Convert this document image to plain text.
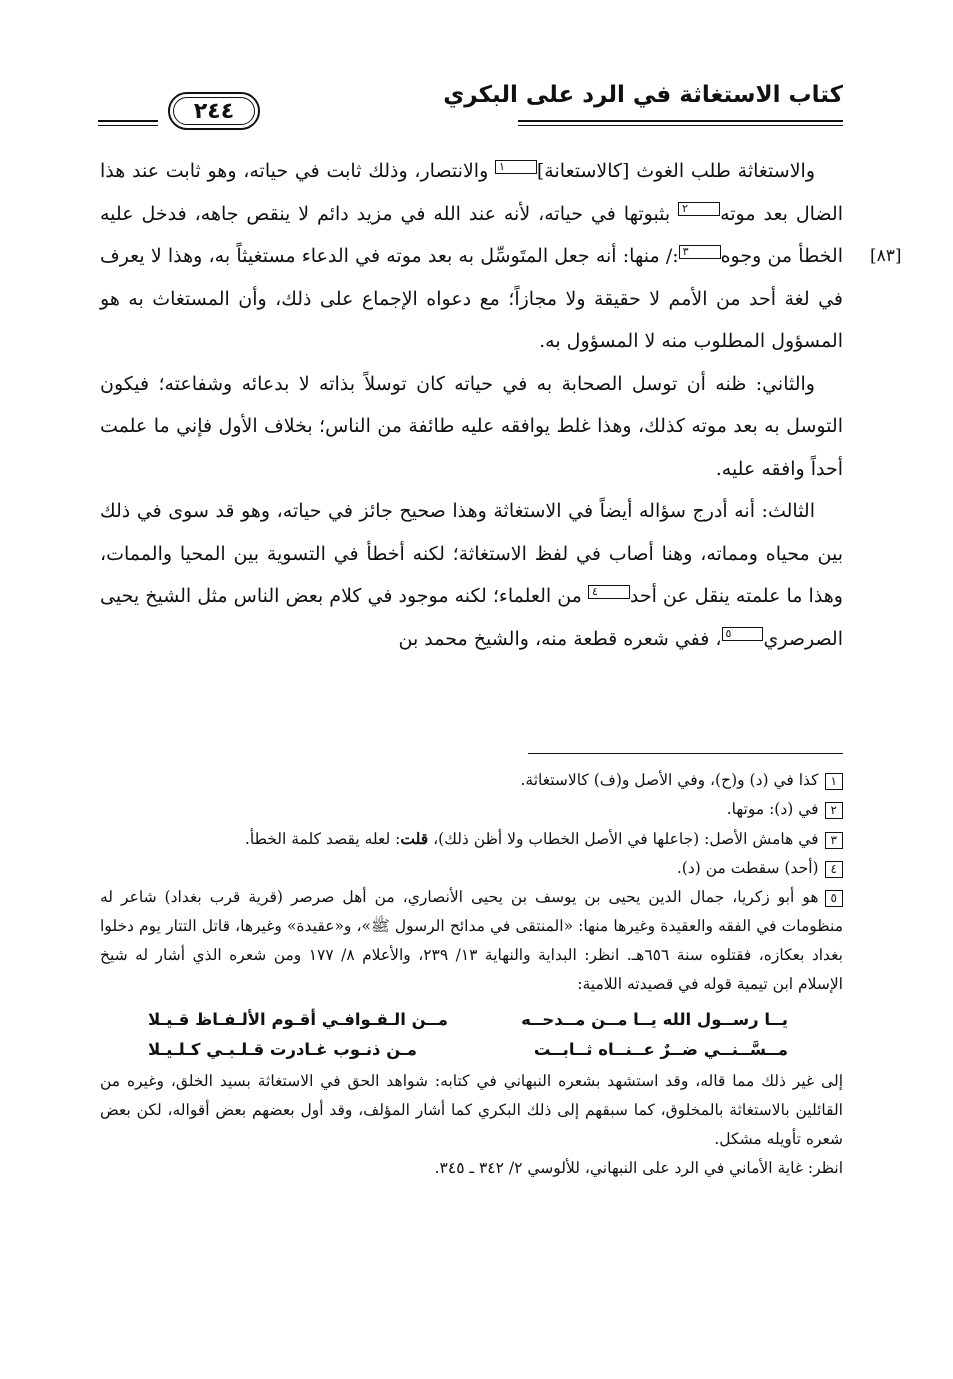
كتاب الاستغاثة في الرد على البكري
٢٤٤
[٨٣]

والاستغاثة طلب الغوث [كالاستعانة]١ والانتصار، وذلك ثابت في حياته، وهو ثابت عند هذا الضال بعد موته٢ بثبوتها في حياته، لأنه عند الله في مزيد دائم لا ينقص جاهه، فدخل عليه الخطأ من وجوه٣:/ منها: أنه جعل المتَوسِّل به بعد موته في الدعاء مستغيثاً به، وهذا لا يعرف في لغة أحد من الأمم لا حقيقة ولا مجازاً؛ مع دعواه الإجماع على ذلك، وأن المستغاث به هو المسؤول المطلوب منه لا المسؤول به.

والثاني: ظنه أن توسل الصحابة به في حياته كان توسلاً بذاته لا بدعائه وشفاعته؛ فيكون التوسل به بعد موته كذلك، وهذا غلط يوافقه عليه طائفة من الناس؛ بخلاف الأول فإني ما علمت أحداً وافقه عليه.

الثالث: أنه أدرج سؤاله أيضاً في الاستغاثة وهذا صحيح جائز في حياته، وهو قد سوى في ذلك بين محياه ومماته، وهنا أصاب في لفظ الاستغاثة؛ لكنه أخطأ في التسوية بين المحيا والممات، وهذا ما علمته ينقل عن أحد٤ من العلماء؛ لكنه موجود في كلام بعض الناس مثل الشيخ يحيى الصرصري٥، ففي شعره قطعة منه، والشيخ محمد بن

١كذا في (د) و(ح)، وفي الأصل و(ف) كالاستغاثة.

٢في (د): موتها.

٣في هامش الأصل: (جاعلها في الأصل الخطاب ولا أظن ذلك)، قلت: لعله يقصد كلمة الخطأ.

٤(أحد) سقطت من (د).

٥هو أبو زكريا، جمال الدين يحيى بن يوسف بن يحيى الأنصاري، من أهل صرصر (قرية قرب بغداد) شاعر له منظومات في الفقه والعقيدة وغيرها منها: «المنتقى في مدائح الرسول ﷺ»، و«عقيدة» وغيرها، قاتل التتار يوم دخلوا بغداد بعكازه، فقتلوه سنة ٦٥٦هـ. انظر: البداية والنهاية ١٣/ ٢٣٩، والأعلام ٨/ ١٧٧ ومن شعره الذي أشار له شيخ الإسلام ابن تيمية قوله في قصيدته اللامية:

يــا رســول الله يــا مــن مــدحــه
مــن الـقـوافـي أقـوم الألـفـاظ قـيـلا
مــسَّــنــي ضــرٌ عــنــاه ثــابــت
مـن ذنـوب غـادرت قـلـبـي كـلـيـلا

إلى غير ذلك مما قاله، وقد استشهد بشعره النبهاني في كتابه: شواهد الحق في الاستغاثة بسيد الخلق، وغيره من القائلين بالاستغاثة بالمخلوق، كما سبقهم إلى ذلك البكري كما أشار المؤلف، وقد أول بعضهم بعض أقواله، لكن بعض شعره تأويله مشكل.

انظر: غاية الأماني في الرد على النبهاني، للألوسي ٢/ ٣٤٢ ـ ٣٤٥.
